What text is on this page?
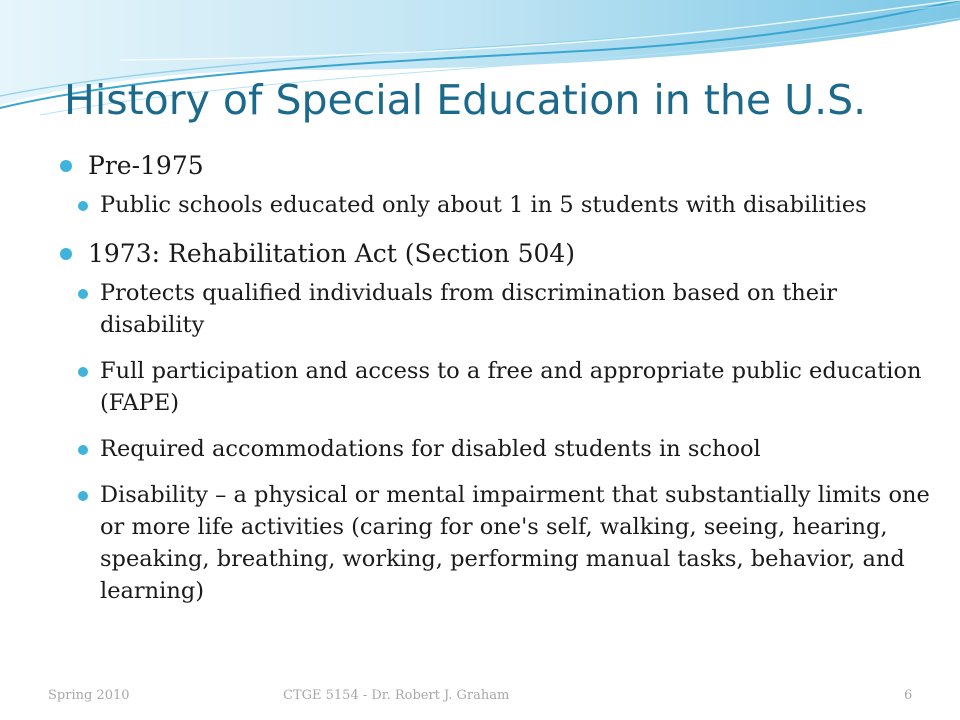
History of Special Education in the U.S.
Pre-1975
Public schools educated only about 1 in 5 students with disabilities
1973: Rehabilitation Act (Section 504)
Protects qualified individuals from discrimination based on their disability
Full participation and access to a free and appropriate public education (FAPE)
Required accommodations for disabled students in school
Disability – a physical or mental impairment that substantially limits one or more life activities (caring for one's self, walking, seeing, hearing, speaking, breathing, working, performing manual tasks, behavior, and learning)
Spring 2010	CTGE 5154 - Dr. Robert J. Graham	6
